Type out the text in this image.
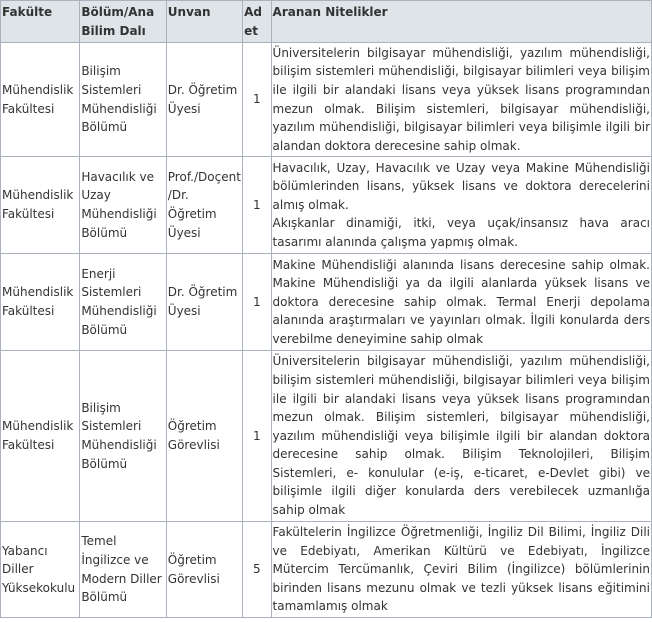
Fakülte	Bölüm/Ana Bilim Dalı	Unvan	Adet	Aranan Nitelikler
Mühendislik Fakültesi	Bilişim Sistemleri Mühendisliği Bölümü	Dr. Öğretim Üyesi	1	Üniversitelerin bilgisayar mühendisliği, yazılım mühendisliği, bilişim sistemleri mühendisliği, bilgisayar bilimleri veya bilişim ile ilgili bir alandaki lisans veya yüksek lisans programından mezun olmak. Bilişim sistemleri, bilgisayar mühendisliği, yazılım mühendisliği, bilgisayar bilimleri veya bilişimle ilgili bir alandan doktora derecesine sahip olmak.

Mühendislik Fakültesi	Havacılık ve Uzay Mühendisliği Bölümü	Prof./Doçent /Dr. Öğretim Üyesi	1	Havacılık, Uzay, Havacılık ve Uzay veya Makine Mühendisliği bölümlerinden lisans, yüksek lisans ve doktora derecelerini almış olmak.
Akışkanlar dinamiği, itki, veya uçak/insansız hava aracı tasarımı alanında çalışma yapmış olmak.

Mühendislik Fakültesi	Enerji Sistemleri Mühendisliği Bölümü	Dr. Öğretim Üyesi	1	Makine Mühendisliği alanında lisans derecesine sahip olmak. Makine Mühendisliği ya da ilgili alanlarda yüksek lisans ve doktora derecesine sahip olmak. Termal Enerji depolama alanında araştırmaları ve yayınları olmak. İlgili konularda ders verebilme deneyimine sahip olmak

Mühendislik Fakültesi	Bilişim Sistemleri Mühendisliği Bölümü	Öğretim Görevlisi	1	Üniversitelerin bilgisayar mühendisliği, yazılım mühendisliği, bilişim sistemleri mühendisliği, bilgisayar bilimleri veya bilişim ile ilgili bir alandaki lisans veya yüksek lisans programından mezun olmak. Bilişim sistemleri, bilgisayar mühendisliği, yazılım mühendisliği veya bilişimle ilgili bir alandan doktora derecesine sahip olmak. Bilişim Teknolojileri, Bilişim Sistemleri, e- konulular (e-iş, e-ticaret, e-Devlet gibi) ve bilişimle ilgili diğer konularda ders verebilecek uzmanlığa sahip olmak

Yabancı Diller Yüksekokulu	Temel İngilizce ve Modern Diller Bölümü	Öğretim Görevlisi	5	Fakültelerin İngilizce Öğretmenliği, İngiliz Dil Bilimi, İngiliz Dili ve Edebiyatı, Amerikan Kültürü ve Edebiyatı, İngilizce Mütercim Tercümanlık, Çeviri Bilim (İngilizce) bölümlerinin birinden lisans mezunu olmak ve tezli yüksek lisans eğitimini tamamlamış olmak
